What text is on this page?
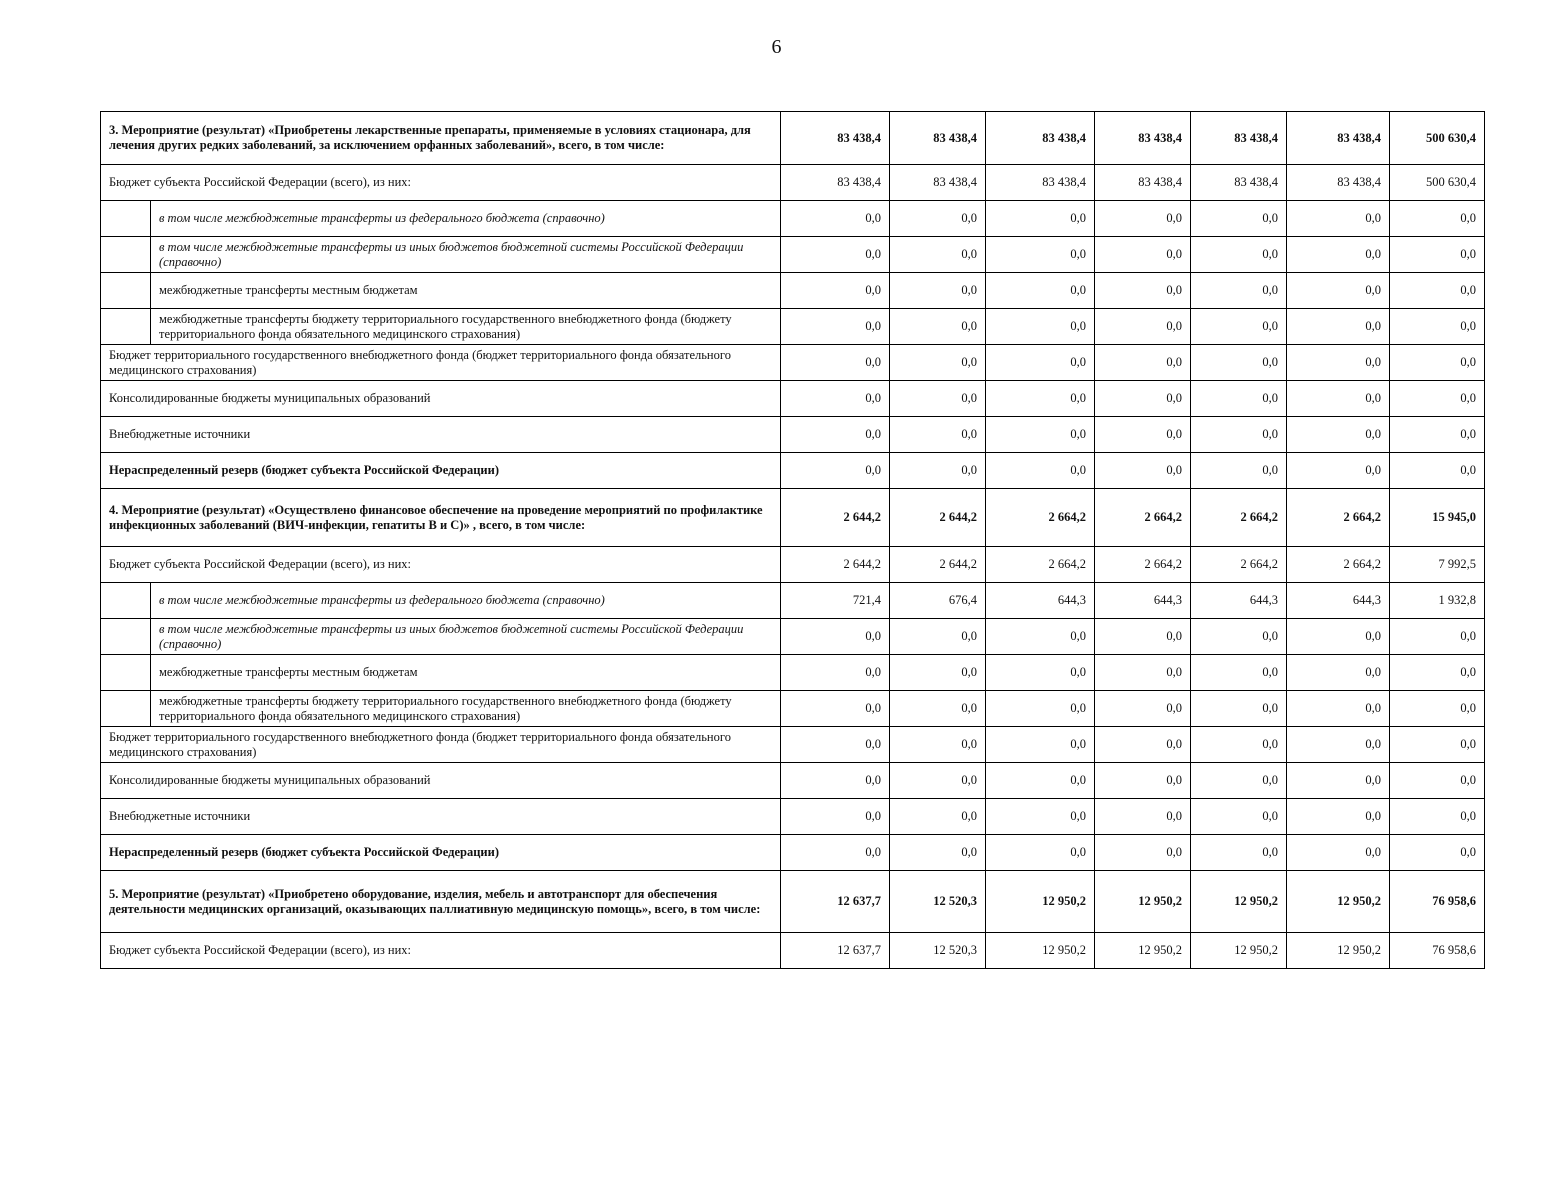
6
3. Мероприятие (результат) «Приобретены лекарственные препараты, применяемые в условиях стационара, для лечения других редких заболеваний, за исключением орфанных заболеваний», всего, в том числе:		83 438,4	83 438,4	83 438,4	83 438,4	83 438,4	83 438,4	500 630,4
Бюджет субъекта Российской Федерации (всего), из них:		83 438,4	83 438,4	83 438,4	83 438,4	83 438,4	83 438,4	500 630,4
	в том числе межбюджетные трансферты из федерального бюджета (справочно)	0,0	0,0	0,0	0,0	0,0	0,0	0,0
	в том числе межбюджетные трансферты из иных бюджетов бюджетной системы Российской Федерации (справочно)	0,0	0,0	0,0	0,0	0,0	0,0	0,0
	межбюджетные трансферты местным бюджетам	0,0	0,0	0,0	0,0	0,0	0,0	0,0
	межбюджетные трансферты бюджету территориального государственного внебюджетного фонда (бюджету территориального фонда обязательного медицинского страхования)	0,0	0,0	0,0	0,0	0,0	0,0	0,0
Бюджет территориального государственного внебюджетного фонда (бюджет территориального фонда обязательного медицинского страхования)		0,0	0,0	0,0	0,0	0,0	0,0	0,0
Консолидированные бюджеты муниципальных образований		0,0	0,0	0,0	0,0	0,0	0,0	0,0
Внебюджетные источники		0,0	0,0	0,0	0,0	0,0	0,0	0,0
Нераспределенный резерв (бюджет субъекта Российской Федерации)		0,0	0,0	0,0	0,0	0,0	0,0	0,0
4. Мероприятие (результат) «Осуществлено финансовое обеспечение на проведение мероприятий по профилактике инфекционных заболеваний (ВИЧ-инфекции, гепатиты В и С)» , всего, в том числе:		2 644,2	2 644,2	2 664,2	2 664,2	2 664,2	2 664,2	15 945,0
Бюджет субъекта Российской Федерации (всего), из них:		2 644,2	2 644,2	2 664,2	2 664,2	2 664,2	2 664,2	7 992,5
	в том числе межбюджетные трансферты из федерального бюджета (справочно)	721,4	676,4	644,3	644,3	644,3	644,3	1 932,8
	в том числе межбюджетные трансферты из иных бюджетов бюджетной системы Российской Федерации (справочно)	0,0	0,0	0,0	0,0	0,0	0,0	0,0
	межбюджетные трансферты местным бюджетам	0,0	0,0	0,0	0,0	0,0	0,0	0,0
	межбюджетные трансферты бюджету территориального государственного внебюджетного фонда (бюджету территориального фонда обязательного медицинского страхования)	0,0	0,0	0,0	0,0	0,0	0,0	0,0
Бюджет территориального государственного внебюджетного фонда (бюджет территориального фонда обязательного медицинского страхования)		0,0	0,0	0,0	0,0	0,0	0,0	0,0
Консолидированные бюджеты муниципальных образований		0,0	0,0	0,0	0,0	0,0	0,0	0,0
Внебюджетные источники		0,0	0,0	0,0	0,0	0,0	0,0	0,0
Нераспределенный резерв (бюджет субъекта Российской Федерации)		0,0	0,0	0,0	0,0	0,0	0,0	0,0
5. Мероприятие (результат) «Приобретено оборудование, изделия, мебель и автотранспорт для обеспечения деятельности медицинских организаций, оказывающих паллиативную медицинскую помощь», всего, в том числе:		12 637,7	12 520,3	12 950,2	12 950,2	12 950,2	12 950,2	76 958,6
Бюджет субъекта Российской Федерации (всего), из них:		12 637,7	12 520,3	12 950,2	12 950,2	12 950,2	12 950,2	76 958,6
